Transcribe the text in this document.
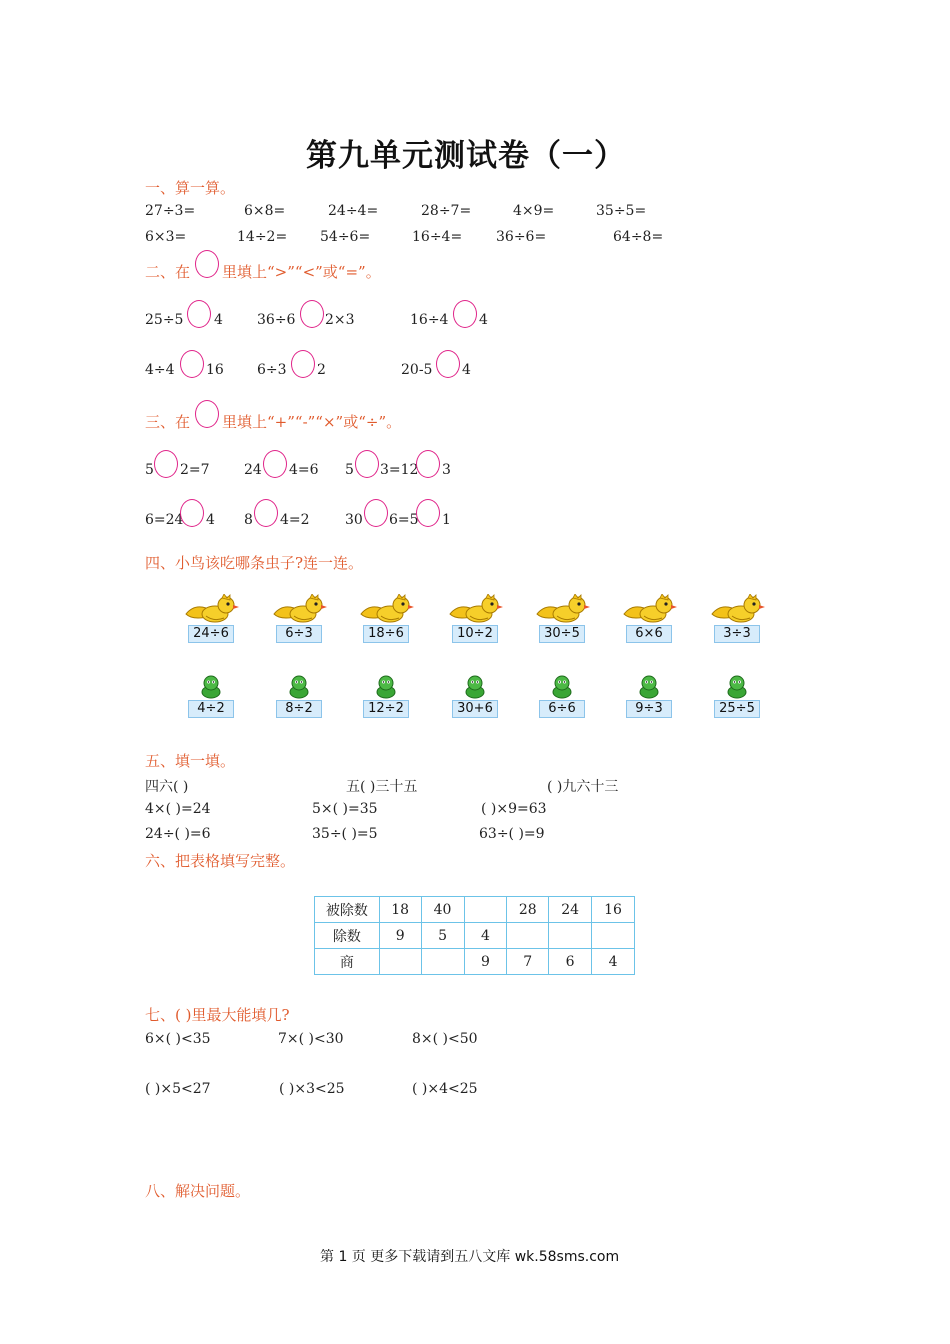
第九单元测试卷（一）
一、算一算。
27÷3=	6×8=	24÷4=	28÷7=	4×9=	35÷5=
6×3=	14÷2= 54÷6=	16÷4= 36÷6=	64÷8=
二、在 里填上“>”“<”或“=”。
25÷5 4 36÷6 2×3	16÷4 4
4÷4 16 6÷3 2	20-5 4
三、在 里填上“+”“-”“×”或“÷”。
5 2=7 24 4=6 5 3=12 3
6=24 4 8 4=2	30 6=5 1
四、小鸟该吃哪条虫子?连一连。
24÷6	6÷3	18÷6	10÷2	30÷5	6×6	3÷3
4÷2	8÷2	12÷2	30+6	6÷6	9÷3	25÷5
五、填一填。
四六( )	五( )三十五	( )九六十三
4×( )=24	5×( )=35	( )×9=63
24÷( )=6	35÷( )=5	63÷( )=9
六、把表格填写完整。
被除数	18	40		28	24	16
除数	9	5	4			
商			9	7	6	4
七、( )里最大能填几?
6×( )<35	7×( )<30	8×( )<50
( )×5<27	( )×3<25	( )×4<25
八、解决问题。
第 1 页 更多下载请到五八文库 wk.58sms.com
